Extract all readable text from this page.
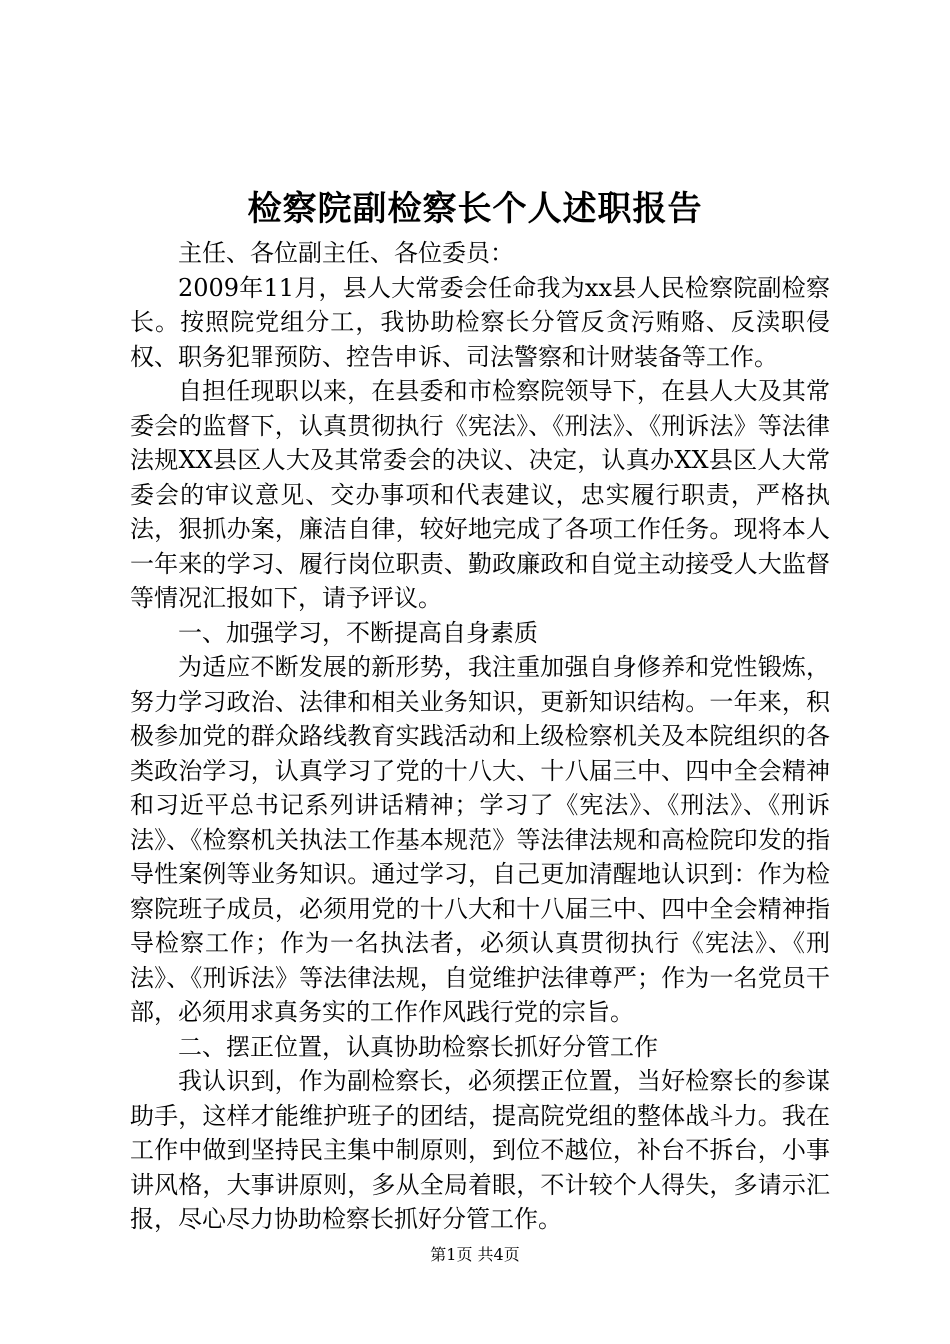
检察院副检察长个人述职报告

主任、各位副主任、各位委员：

2009年11月，县人大常委会任命我为xx县人民检察院副检察长。按照院党组分工，我协助检察长分管反贪污贿赂、反渎职侵权、职务犯罪预防、控告申诉、司法警察和计财装备等工作。

自担任现职以来，在县委和市检察院领导下，在县人大及其常委会的监督下，认真贯彻执行《宪法》、《刑法》、《刑诉法》等法律法规XX县区人大及其常委会的决议、决定，认真办XX县区人大常委会的审议意见、交办事项和代表建议，忠实履行职责，严格执法，狠抓办案，廉洁自律，较好地完成了各项工作任务。现将本人一年来的学习、履行岗位职责、勤政廉政和自觉主动接受人大监督等情况汇报如下，请予评议。

一、加强学习，不断提高自身素质

为适应不断发展的新形势，我注重加强自身修养和党性锻炼，努力学习政治、法律和相关业务知识，更新知识结构。一年来，积极参加党的群众路线教育实践活动和上级检察机关及本院组织的各类政治学习，认真学习了党的十八大、十八届三中、四中全会精神和习近平总书记系列讲话精神；学习了《宪法》、《刑法》、《刑诉法》、《检察机关执法工作基本规范》等法律法规和高检院印发的指导性案例等业务知识。通过学习，自己更加清醒地认识到：作为检察院班子成员，必须用党的十八大和十八届三中、四中全会精神指导检察工作；作为一名执法者，必须认真贯彻执行《宪法》、《刑法》、《刑诉法》等法律法规，自觉维护法律尊严；作为一名党员干部，必须用求真务实的工作作风践行党的宗旨。

二、摆正位置，认真协助检察长抓好分管工作

我认识到，作为副检察长，必须摆正位置，当好检察长的参谋助手，这样才能维护班子的团结，提高院党组的整体战斗力。我在工作中做到坚持民主集中制原则，到位不越位，补台不拆台，小事讲风格，大事讲原则，多从全局着眼，不计较个人得失，多请示汇报，尽心尽力协助检察长抓好分管工作。

第1页 共4页
